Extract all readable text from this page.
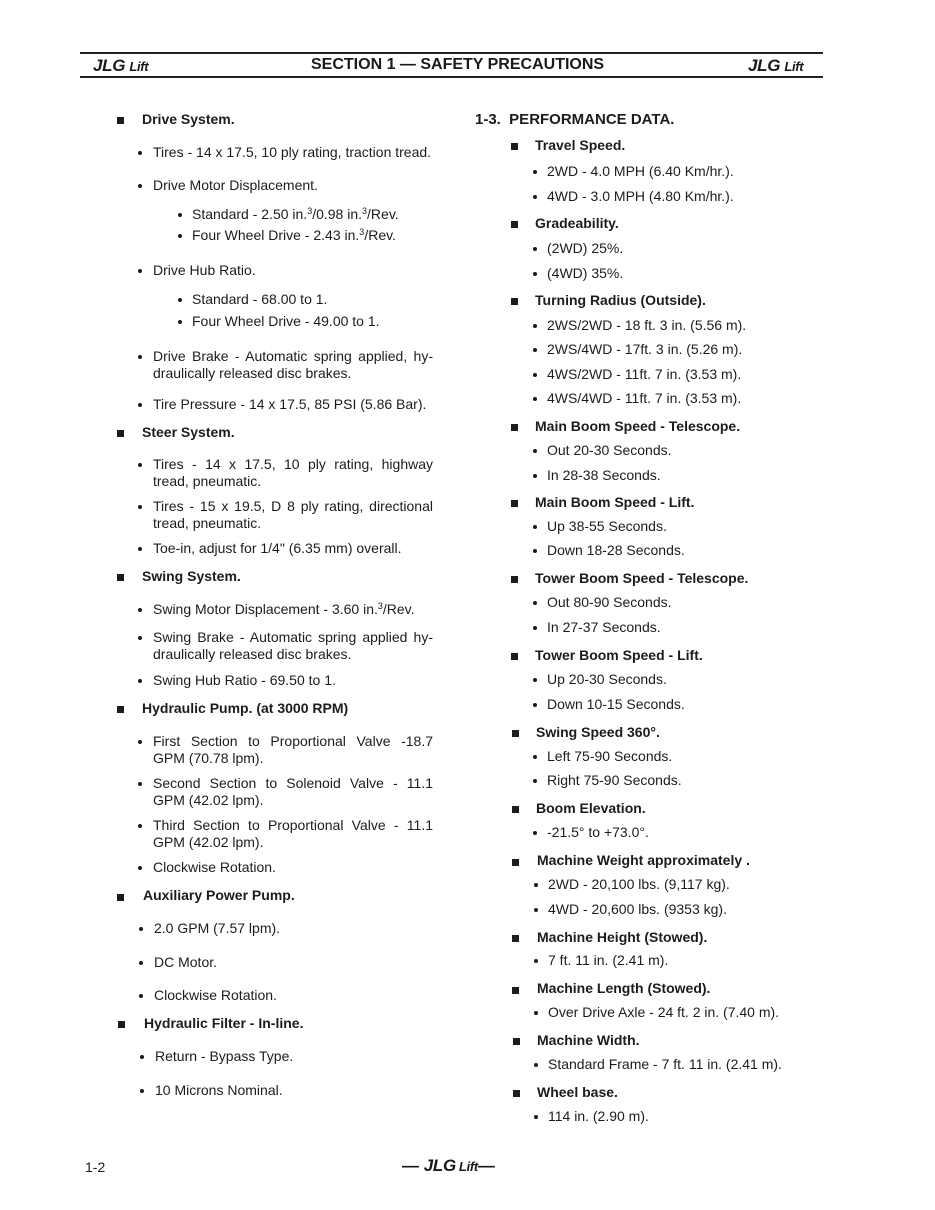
JLG Lift	SECTION 1 — SAFETY PRECAUTIONS	JLG Lift
Drive System.
Tires - 14 x 17.5, 10 ply rating, traction tread.
Drive Motor Displacement.
Standard - 2.50 in.$^3$/0.98 in.$^3$/Rev.
Four Wheel Drive - 2.43 in.$^3$/Rev.
Drive Hub Ratio.
Standard - 68.00 to 1.
Four Wheel Drive - 49.00 to 1.
Drive Brake - Automatic spring applied, hy-draulically released disc brakes.
Tire Pressure - 14 x 17.5, 85 PSI (5.86 Bar).
Steer System.
Tires - 14 x 17.5, 10 ply rating, highway tread, pneumatic.
Tires - 15 x 19.5, D 8 ply rating, directional tread, pneumatic.
Toe-in, adjust for 1/4" (6.35 mm) overall.
Swing System.
Swing Motor Displacement - 3.60 in.$^3$/Rev.
Swing Brake - Automatic spring applied hy-draulically released disc brakes.
Swing Hub Ratio - 69.50 to 1.
Hydraulic Pump. (at 3000 RPM)
First Section to Proportional Valve -18.7 GPM (70.78 lpm).
Second Section to Solenoid Valve - 11.1 GPM (42.02 lpm).
Third Section to Proportional Valve - 11.1 GPM (42.02 lpm).
Clockwise Rotation.
Auxiliary Power Pump.
2.0 GPM (7.57 lpm).
DC Motor.
Clockwise Rotation.
Hydraulic Filter - In-line.
Return - Bypass Type.
10 Microns Nominal.
1-3.  PERFORMANCE DATA.
Travel Speed.
2WD - 4.0 MPH (6.40 Km/hr.).
4WD - 3.0 MPH (4.80 Km/hr.).
Gradeability.
(2WD) 25%.
(4WD) 35%.
Turning Radius (Outside).
2WS/2WD - 18 ft. 3 in. (5.56 m).
2WS/4WD - 17ft. 3 in. (5.26 m).
4WS/2WD - 11ft. 7 in. (3.53 m).
4WS/4WD - 11ft. 7 in. (3.53 m).
Main Boom Speed - Telescope.
Out 20-30 Seconds.
In 28-38 Seconds.
Main Boom Speed - Lift.
Up 38-55 Seconds.
Down 18-28 Seconds.
Tower Boom Speed - Telescope.
Out 80-90 Seconds.
In 27-37 Seconds.
Tower Boom Speed - Lift.
Up 20-30 Seconds.
Down 10-15 Seconds.
Swing Speed 360°.
Left 75-90 Seconds.
Right 75-90 Seconds.
Boom Elevation.
-21.5° to +73.0°.
Machine Weight approximately .
2WD - 20,100 lbs. (9,117 kg).
4WD - 20,600 lbs. (9353 kg).
Machine Height (Stowed).
7 ft. 11 in. (2.41 m).
Machine Length (Stowed).
Over Drive Axle - 24 ft. 2 in. (7.40 m).
Machine Width.
Standard Frame - 7 ft. 11 in. (2.41 m).
Wheel base.
114 in. (2.90 m).
1-2	— JLG Lift—
